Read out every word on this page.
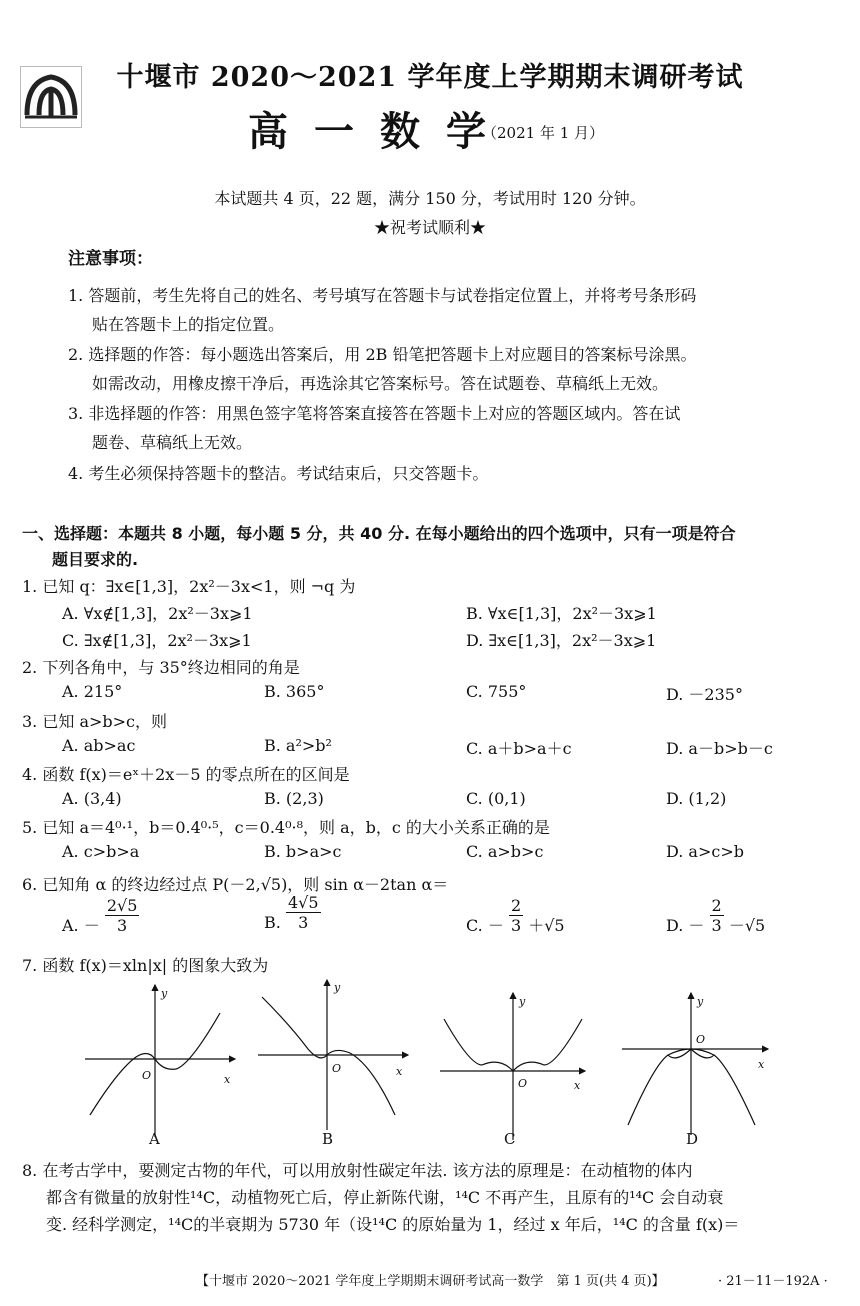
十堰市 2020～2021 学年度上学期期末调研考试
高一数学
（2021 年 1 月）
本试题共 4 页，22 题，满分 150 分，考试用时 120 分钟。
★祝考试顺利★
注意事项：
1. 答题前，考生先将自己的姓名、考号填写在答题卡与试卷指定位置上，并将考号条形码
贴在答题卡上的指定位置。
2. 选择题的作答：每小题选出答案后，用 2B 铅笔把答题卡上对应题目的答案标号涂黑。
如需改动，用橡皮擦干净后，再选涂其它答案标号。答在试题卷、草稿纸上无效。
3. 非选择题的作答：用黑色签字笔将答案直接答在答题卡上对应的答题区域内。答在试
题卷、草稿纸上无效。
4. 考生必须保持答题卡的整洁。考试结束后，只交答题卡。
一、选择题：本题共 8 小题，每小题 5 分，共 40 分. 在每小题给出的四个选项中，只有一项是符合
题目要求的.
1. 已知 q：∃x∈[1,3]，2x²－3x<1，则 ¬q 为
A. ∀x∉[1,3]，2x²－3x⩾1	B. ∀x∈[1,3]，2x²－3x⩾1
C. ∃x∉[1,3]，2x²－3x⩾1	D. ∃x∈[1,3]，2x²－3x⩾1
2. 下列各角中，与 35°终边相同的角是
A. 215°	B. 365°	C. 755°	D. －235°
3. 已知 a>b>c，则
A. ab>ac	B. a²>b²	C. a＋b>a＋c	D. a－b>b－c
4. 函数 f(x)＝eˣ＋2x－5 的零点所在的区间是
A. (3,4)	B. (2,3)	C. (0,1)	D. (1,2)
5. 已知 a＝4⁰·¹，b＝0.4⁰·⁵，c＝0.4⁰·⁸，则 a，b，c 的大小关系正确的是
A. c>b>a	B. b>a>c	C. a>b>c	D. a>c>b
6. 已知角 α 的终边经过点 P(－2,√5)，则 sin α－2tan α＝
A. － $\frac{2√5}{3}$	B. $\frac{4√5}{3}$	C. － $\frac{2}{3} +√5$	D. － $\frac{2}{3} -√5$
7. 函数 f(x)＝xln|x| 的图象大致为
O	x
y
O	x
y
O	x
y
O
x
y
A	B	C	D
8. 在考古学中，要测定古物的年代，可以用放射性碳定年法. 该方法的原理是：在动植物的体内
都含有微量的放射性¹⁴C，动植物死亡后，停止新陈代谢，¹⁴C 不再产生，且原有的¹⁴C 会自动衰
变. 经科学测定，¹⁴C的半衰期为 5730 年（设¹⁴C 的原始量为 1，经过 x 年后，¹⁴C 的含量 f(x)＝
【十堰市 2020～2021 学年度上学期期末调研考试高一数学　第 1 页(共 4 页)】	· 21－11－192A ·
